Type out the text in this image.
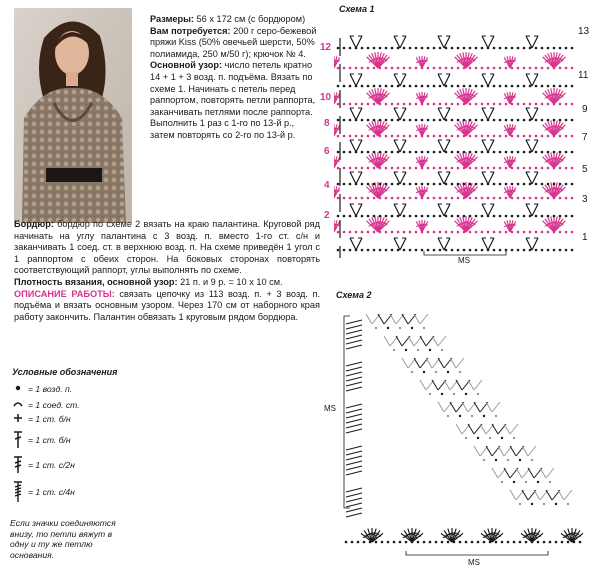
Размеры: 56 x 172 см (с бордюром)

Вам потребуется: 200 г серо-бежевой пряжи Kiss (50% овечьей шерсти, 50% полиамида, 250 м/50 г); крючок № 4.

Основной узор: число петель кратно 14 + 1 + 3 возд. п. подъёма. Вязать по схеме 1. Начинать с петель перед раппортом, повторять петли раппорта, заканчивать петлями после раппорта. Выполнить 1 раз с 1-го по 13-й р., затем повторять со 2-го по 13-й р.

Бордюр: бордюр по схеме 2 вязать на краю палантина. Круговой ряд начинать на углу палантина с 3 возд. п. вместо 1-го ст. с/н и заканчивать 1 соед. ст. в верхнюю возд. п. На схеме приведён 1 угол с 1 раппортом с обеих сторон. На боковых сторонах повторять соответствующий раппорт, углы выполнять по схеме.

Плотность вязания, основной узор: 21 п. и 9 р. = 10 x 10 см.

ОПИСАНИЕ РАБОТЫ: связать цепочку из 113 возд. п. + 3 возд. п. подъёма и вязать основным узором. Через 170 см от наборного края работу закончить. Палантин обвязать 1 круговым рядом бордюра.

Условные обозначения
= 1 возд. п.
= 1 соед. ст.
= 1 ст. б/н
= 1 ст. б/н
= 1 ст. с/2н
= 1 ст. с/4н
Если значки соединяются внизу, то петли вяжут в одну и ту же петлю основания.
Схема 1
12
10
8
6
4
2
13
11
9
7
5
3
1
MS
Схема 2
MS
MS
